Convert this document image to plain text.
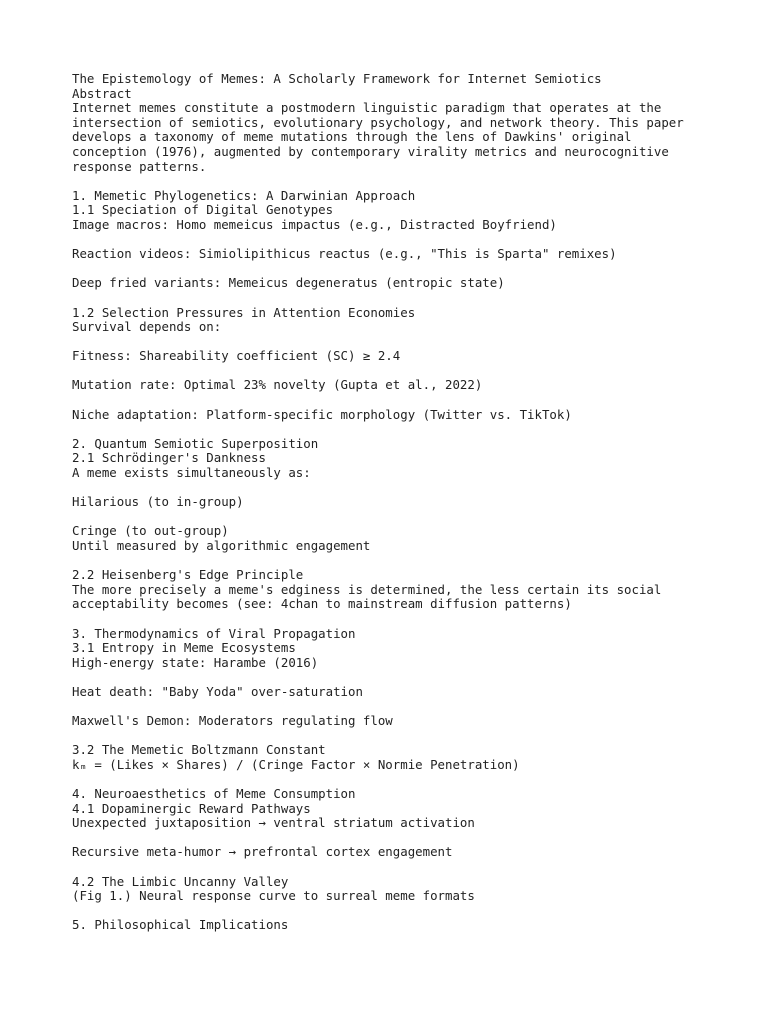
The Epistemology of Memes: A Scholarly Framework for Internet Semiotics
Abstract
Internet memes constitute a postmodern linguistic paradigm that operates at the
intersection of semiotics, evolutionary psychology, and network theory. This paper
develops a taxonomy of meme mutations through the lens of Dawkins' original
conception (1976), augmented by contemporary virality metrics and neurocognitive
response patterns.
1. Memetic Phylogenetics: A Darwinian Approach
1.1 Speciation of Digital Genotypes
Image macros: Homo memeicus impactus (e.g., Distracted Boyfriend)
Reaction videos: Simiolipithicus reactus (e.g., "This is Sparta" remixes)
Deep fried variants: Memeicus degeneratus (entropic state)
1.2 Selection Pressures in Attention Economies
Survival depends on:
Fitness: Shareability coefficient (SC) ≥ 2.4
Mutation rate: Optimal 23% novelty (Gupta et al., 2022)
Niche adaptation: Platform-specific morphology (Twitter vs. TikTok)
2. Quantum Semiotic Superposition
2.1 Schrödinger's Dankness
A meme exists simultaneously as:
Hilarious (to in-group)
Cringe (to out-group)
Until measured by algorithmic engagement
2.2 Heisenberg's Edge Principle
The more precisely a meme's edginess is determined, the less certain its social
acceptability becomes (see: 4chan to mainstream diffusion patterns)
3. Thermodynamics of Viral Propagation
3.1 Entropy in Meme Ecosystems
High-energy state: Harambe (2016)
Heat death: "Baby Yoda" over-saturation
Maxwell's Demon: Moderators regulating flow
3.2 The Memetic Boltzmann Constant
kₘ = (Likes × Shares) / (Cringe Factor × Normie Penetration)
4. Neuroaesthetics of Meme Consumption
4.1 Dopaminergic Reward Pathways
Unexpected juxtaposition → ventral striatum activation
Recursive meta-humor → prefrontal cortex engagement
4.2 The Limbic Uncanny Valley
(Fig 1.) Neural response curve to surreal meme formats
5. Philosophical Implications
